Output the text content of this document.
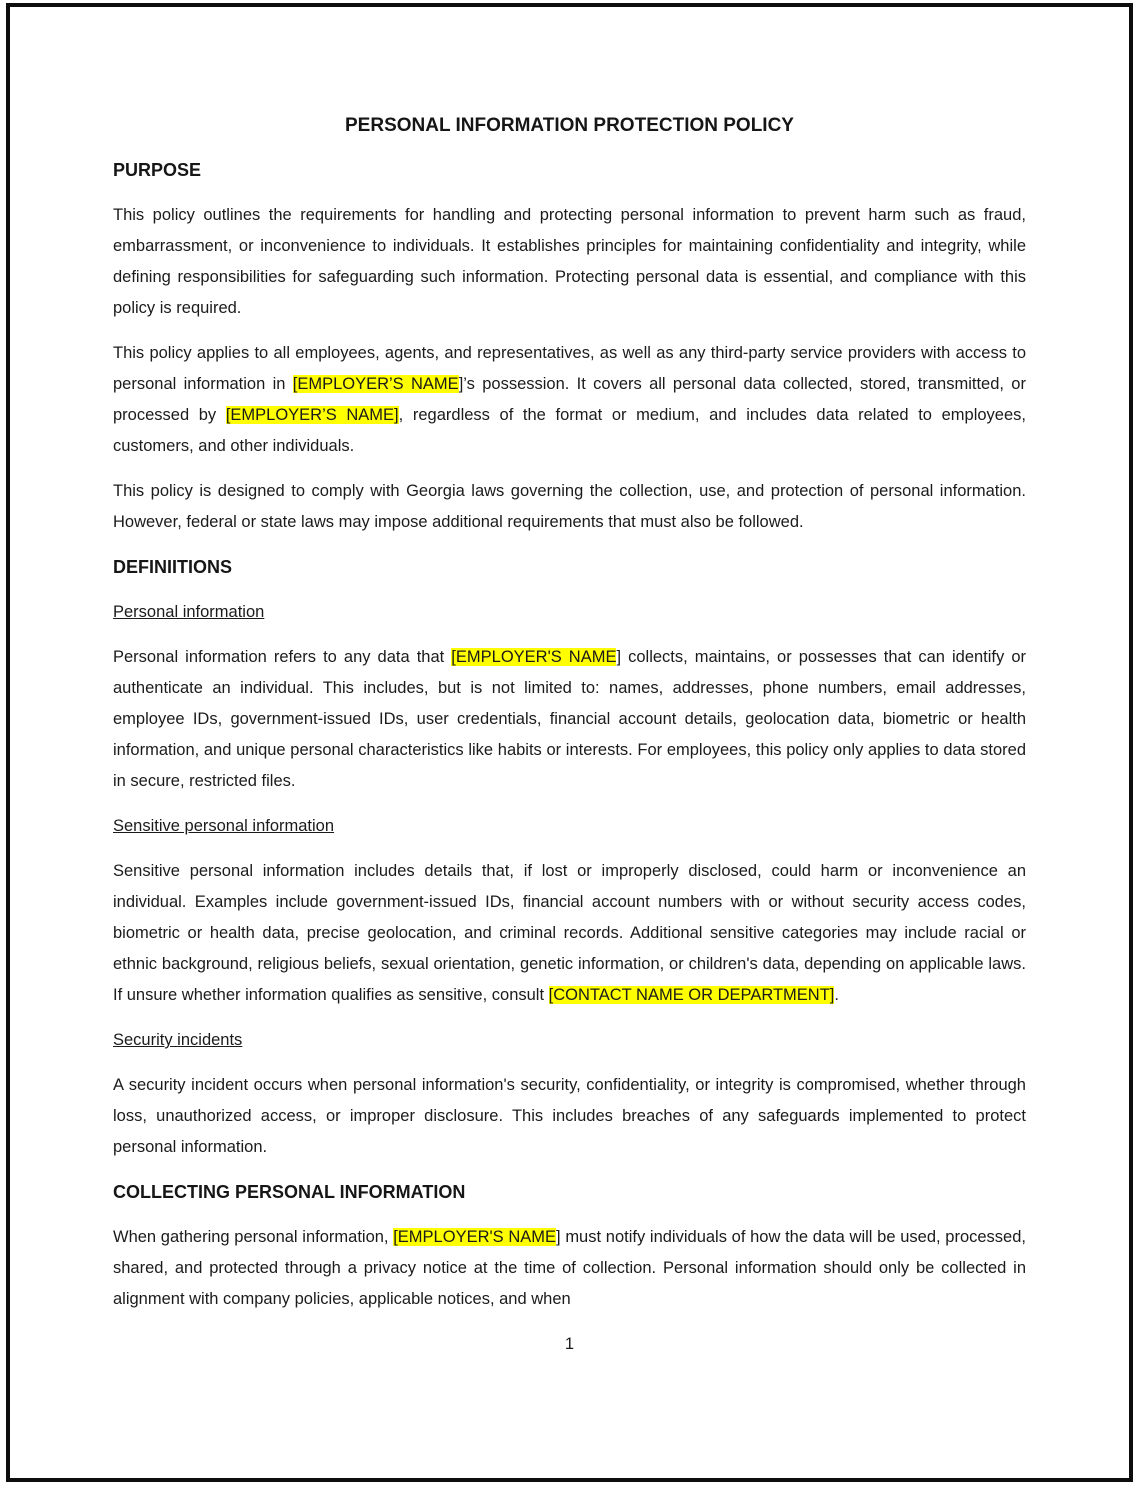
PERSONAL INFORMATION PROTECTION POLICY
PURPOSE

This policy outlines the requirements for handling and protecting personal information to prevent harm such as fraud, embarrassment, or inconvenience to individuals. It establishes principles for maintaining confidentiality and integrity, while defining responsibilities for safeguarding such information. Protecting personal data is essential, and compliance with this policy is required.

This policy applies to all employees, agents, and representatives, as well as any third-party service providers with access to personal information in [EMPLOYER’S NAME]’s possession. It covers all personal data collected, stored, transmitted, or processed by [EMPLOYER’S NAME], regardless of the format or medium, and includes data related to employees, customers, and other individuals.

This policy is designed to comply with Georgia laws governing the collection, use, and protection of personal information. However, federal or state laws may impose additional requirements that must also be followed.

DEFINIITIONS
Personal information

Personal information refers to any data that [EMPLOYER'S NAME] collects, maintains, or possesses that can identify or authenticate an individual. This includes, but is not limited to: names, addresses, phone numbers, email addresses, employee IDs, government-issued IDs, user credentials, financial account details, geolocation data, biometric or health information, and unique personal characteristics like habits or interests. For employees, this policy only applies to data stored in secure, restricted files.

Sensitive personal information

Sensitive personal information includes details that, if lost or improperly disclosed, could harm or inconvenience an individual. Examples include government-issued IDs, financial account numbers with or without security access codes, biometric or health data, precise geolocation, and criminal records. Additional sensitive categories may include racial or ethnic background, religious beliefs, sexual orientation, genetic information, or children's data, depending on applicable laws. If unsure whether information qualifies as sensitive, consult [CONTACT NAME OR DEPARTMENT].

Security incidents

A security incident occurs when personal information's security, confidentiality, or integrity is compromised, whether through loss, unauthorized access, or improper disclosure. This includes breaches of any safeguards implemented to protect personal information.

COLLECTING PERSONAL INFORMATION

When gathering personal information, [EMPLOYER'S NAME] must notify individuals of how the data will be used, processed, shared, and protected through a privacy notice at the time of collection. Personal information should only be collected in alignment with company policies, applicable notices, and when

1
